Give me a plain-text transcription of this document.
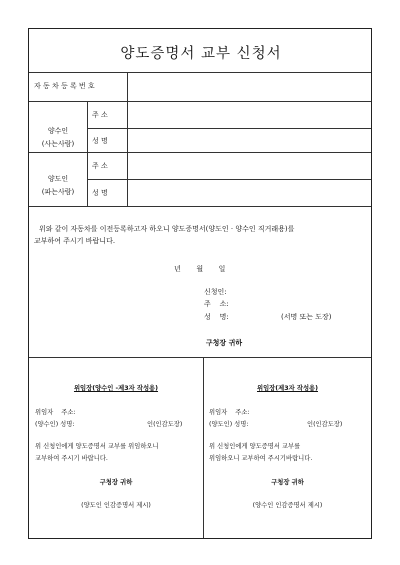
양도증명서 교부 신청서
자 동 차 등 록 번 호
양수인
(사는사람)
주 소
성 명
양도인
(파는사람)
주 소
성 명
위와 같이 자동차를 이전등록하고자 하오니 양도증명서(양도인 · 양수인 직거래용)를
교부하여 주시기 바랍니다.
년       월       일
신청인:
주    소:
성    명:	(서명 또는 도장)
구청장 귀하
위임장(양수인 -제3자 작성용)
위임자    주소:
(양수인) 성명:	인(인감도장)
위 신청인에게 양도증명서 교부를 위임하오니
교부하여 주시기 바랍니다.
구청장 귀하
(양도인 인감증명서 제시)
위임장(제3자 작성용)
위임자    주소:
(양도인) 성명:	인(인감도장)
위 신청인에게 양도증명서 교부를
위임하오니 교부하여 주시기바랍니다.
구청장 귀하
(양수인 인감증명서 제시)
